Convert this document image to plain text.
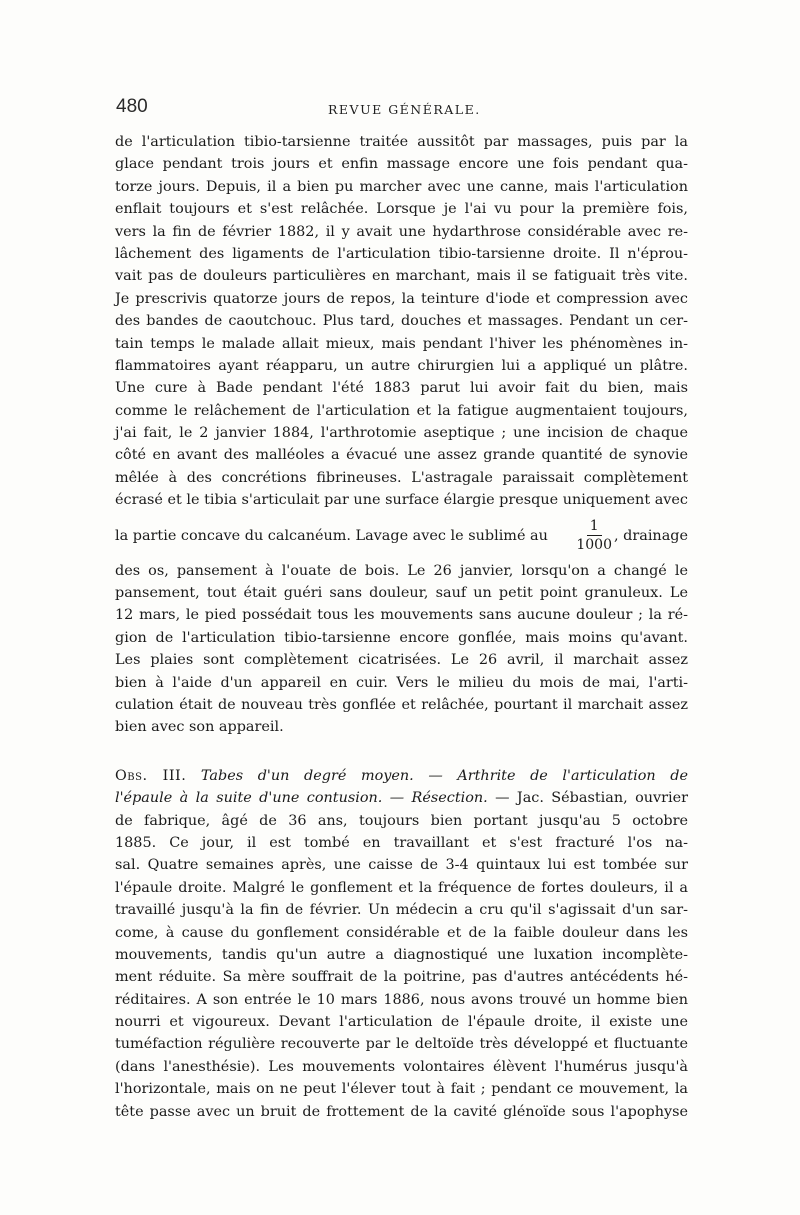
480	REVUE GÉNÉRALE.
de l'articulation tibio-tarsienne traitée aussitôt par massages, puis par la
glace pendant trois jours et enfin massage encore une fois pendant qua-
torze jours. Depuis, il a bien pu marcher avec une canne, mais l'articulation
enflait toujours et s'est relâchée. Lorsque je l'ai vu pour la première fois,
vers la fin de février 1882, il y avait une hydarthrose considérable avec re-
lâchement des ligaments de l'articulation tibio-tarsienne droite. Il n'éprou-
vait pas de douleurs particulières en marchant, mais il se fatiguait très vite.
Je prescrivis quatorze jours de repos, la teinture d'iode et compression avec
des bandes de caoutchouc. Plus tard, douches et massages. Pendant un cer-
tain temps le malade allait mieux, mais pendant l'hiver les phénomènes in-
flammatoires ayant réapparu, un autre chirurgien lui a appliqué un plâtre.
Une cure à Bade pendant l'été 1883 parut lui avoir fait du bien, mais
comme le relâchement de l'articulation et la fatigue augmentaient toujours,
j'ai fait, le 2 janvier 1884, l'arthrotomie aseptique ; une incision de chaque
côté en avant des malléoles a évacué une assez grande quantité de synovie
mêlée à des concrétions fibrineuses. L'astragale paraissait complètement
écrasé et le tibia s'articulait par une surface élargie presque uniquement avec
la partie concave du calcanéum. Lavage avec le sublimé au $\frac{1}{1000}$ , drainage
des os, pansement à l'ouate de bois. Le 26 janvier, lorsqu'on a changé le
pansement, tout était guéri sans douleur, sauf un petit point granuleux. Le
12 mars, le pied possédait tous les mouvements sans aucune douleur ; la ré-
gion de l'articulation tibio-tarsienne encore gonflée, mais moins qu'avant.
Les plaies sont complètement cicatrisées. Le 26 avril, il marchait assez
bien à l'aide d'un appareil en cuir. Vers le milieu du mois de mai, l'arti-
culation était de nouveau très gonflée et relâchée, pourtant il marchait assez
bien avec son appareil.
Obs. III. Tabes d'un degré moyen. — Arthrite de l'articulation de
l'épaule à la suite d'une contusion. — Résection. — Jac. Sébastian, ouvrier
de fabrique, âgé de 36 ans, toujours bien portant jusqu'au 5 octobre
1885. Ce jour, il est tombé en travaillant et s'est fracturé l'os na-
sal. Quatre semaines après, une caisse de 3-4 quintaux lui est tombée sur
l'épaule droite. Malgré le gonflement et la fréquence de fortes douleurs, il a
travaillé jusqu'à la fin de février. Un médecin a cru qu'il s'agissait d'un sar-
come, à cause du gonflement considérable et de la faible douleur dans les
mouvements, tandis qu'un autre a diagnostiqué une luxation incomplète-
ment réduite. Sa mère souffrait de la poitrine, pas d'autres antécédents hé-
réditaires. A son entrée le 10 mars 1886, nous avons trouvé un homme bien
nourri et vigoureux. Devant l'articulation de l'épaule droite, il existe une
tuméfaction régulière recouverte par le deltoïde très développé et fluctuante
(dans l'anesthésie). Les mouvements volontaires élèvent l'humérus jusqu'à
l'horizontale, mais on ne peut l'élever tout à fait ; pendant ce mouvement, la
tête passe avec un bruit de frottement de la cavité glénoïde sous l'apophyse
